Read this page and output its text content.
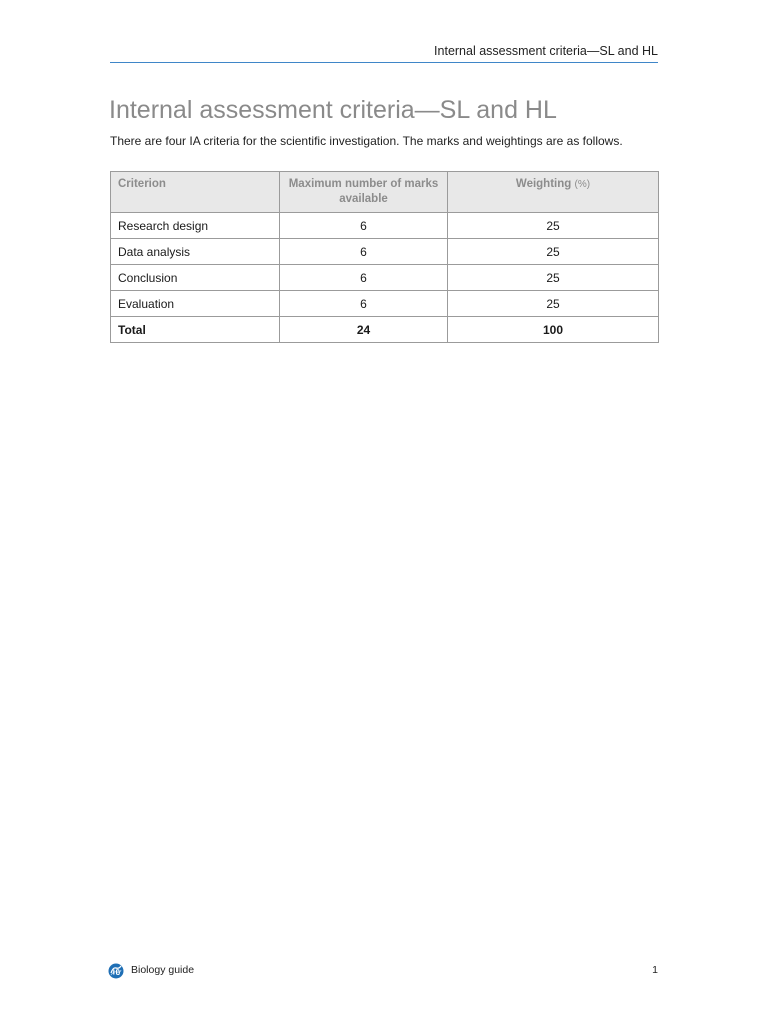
Internal assessment criteria—SL and HL
Internal assessment criteria—SL and HL

There are four IA criteria for the scientific investigation. The marks and weightings are as follows.

Criterion	Maximum number of marks available	Weighting (%)
Research design	6	25
Data analysis	6	25
Conclusion	6	25
Evaluation	6	25
Total	24	100
Biology guide	1
